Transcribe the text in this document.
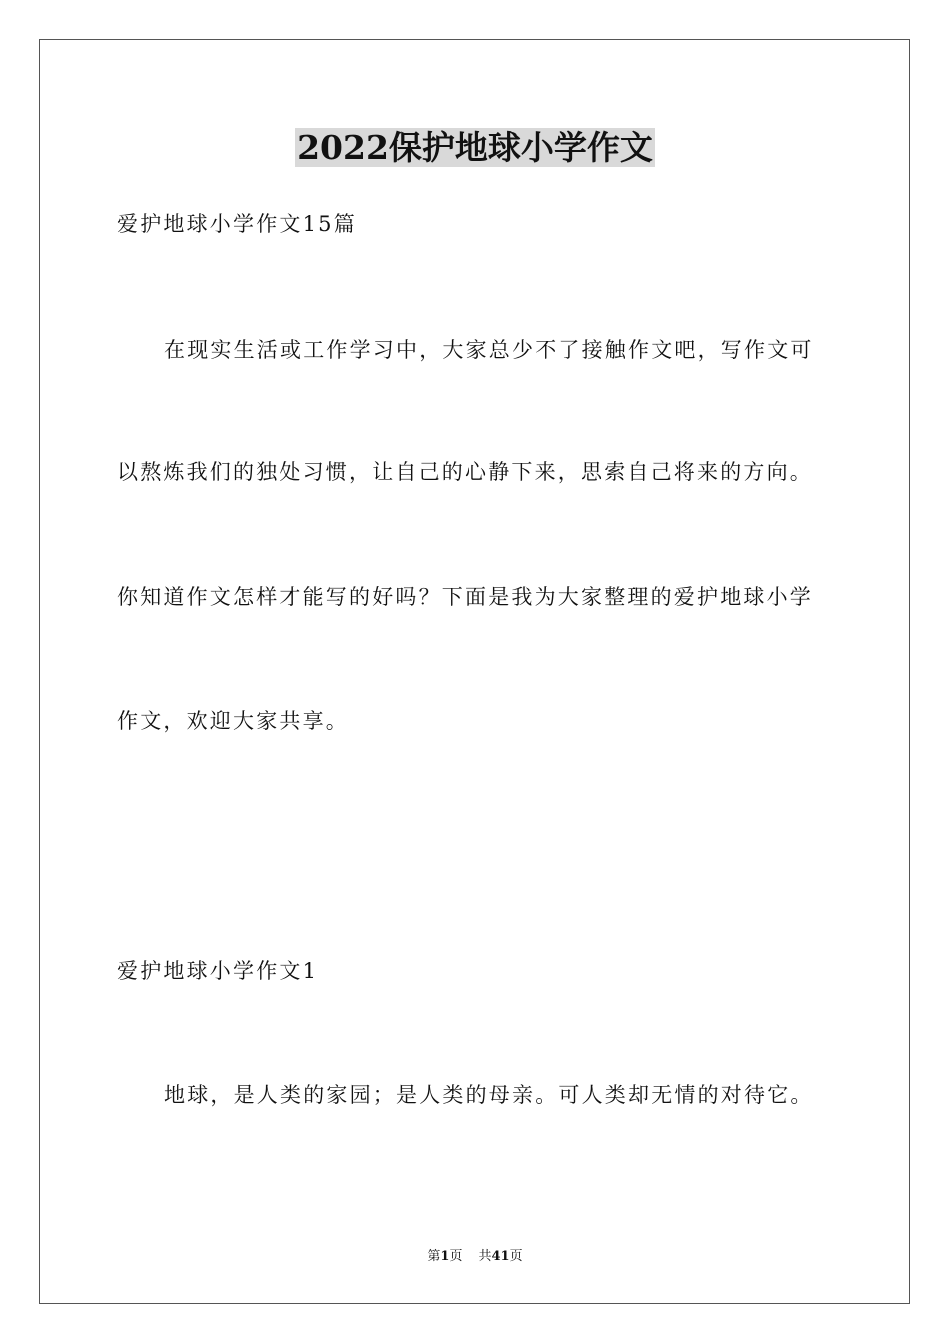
2022保护地球小学作文
爱护地球小学作文15篇
在现实生活或工作学习中，大家总少不了接触作文吧，写作文可
以熬炼我们的独处习惯，让自己的心静下来，思索自己将来的方向。
你知道作文怎样才能写的好吗？下面是我为大家整理的爱护地球小学
作文，欢迎大家共享。
爱护地球小学作文1
地球，是人类的家园；是人类的母亲。可人类却无情的对待它。
第1页 共41页
